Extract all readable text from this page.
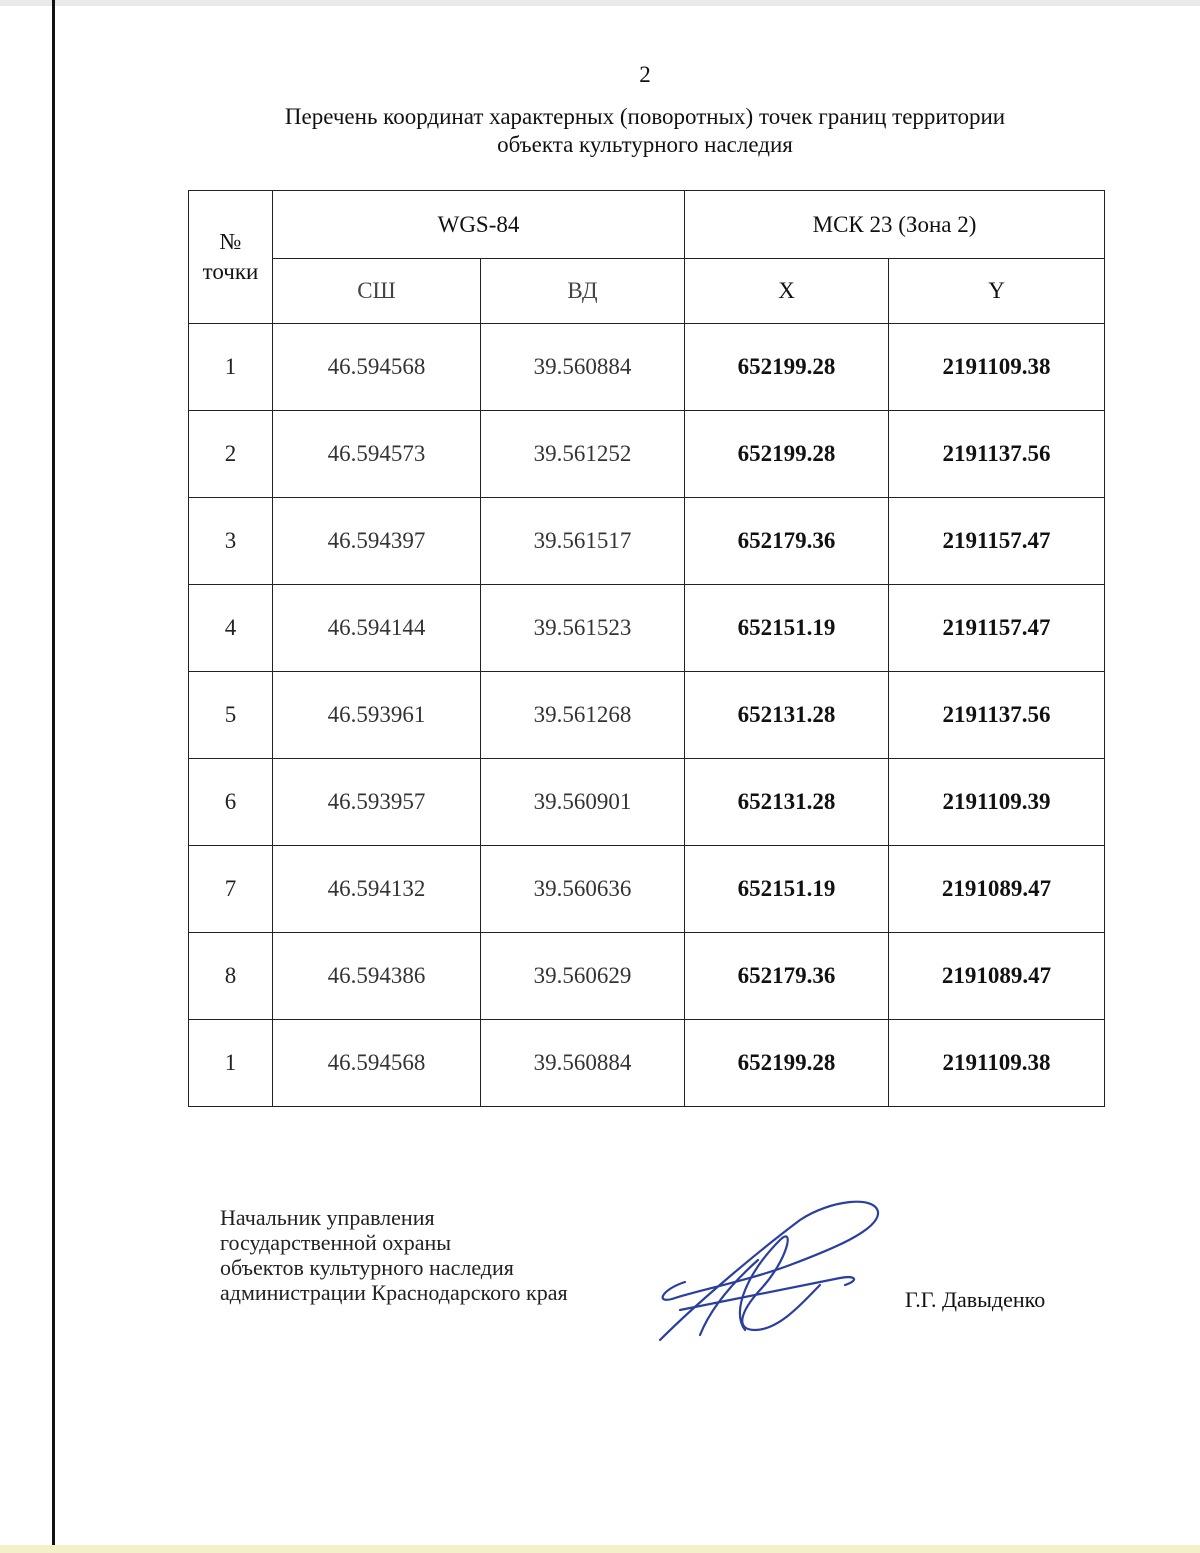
2
Перечень координат характерных (поворотных) точек границ территории
объекта культурного наследия
№
точки	WGS-84		МСК 23 (Зона 2)	
	СШ	ВД	X	Y
1	46.594568	39.560884	652199.28	2191109.38
2	46.594573	39.561252	652199.28	2191137.56
3	46.594397	39.561517	652179.36	2191157.47
4	46.594144	39.561523	652151.19	2191157.47
5	46.593961	39.561268	652131.28	2191137.56
6	46.593957	39.560901	652131.28	2191109.39
7	46.594132	39.560636	652151.19	2191089.47
8	46.594386	39.560629	652179.36	2191089.47
1	46.594568	39.560884	652199.28	2191109.38
Начальник управления
государственной охраны
объектов культурного наследия
администрации Краснодарского края	Г.Г. Давыденко
